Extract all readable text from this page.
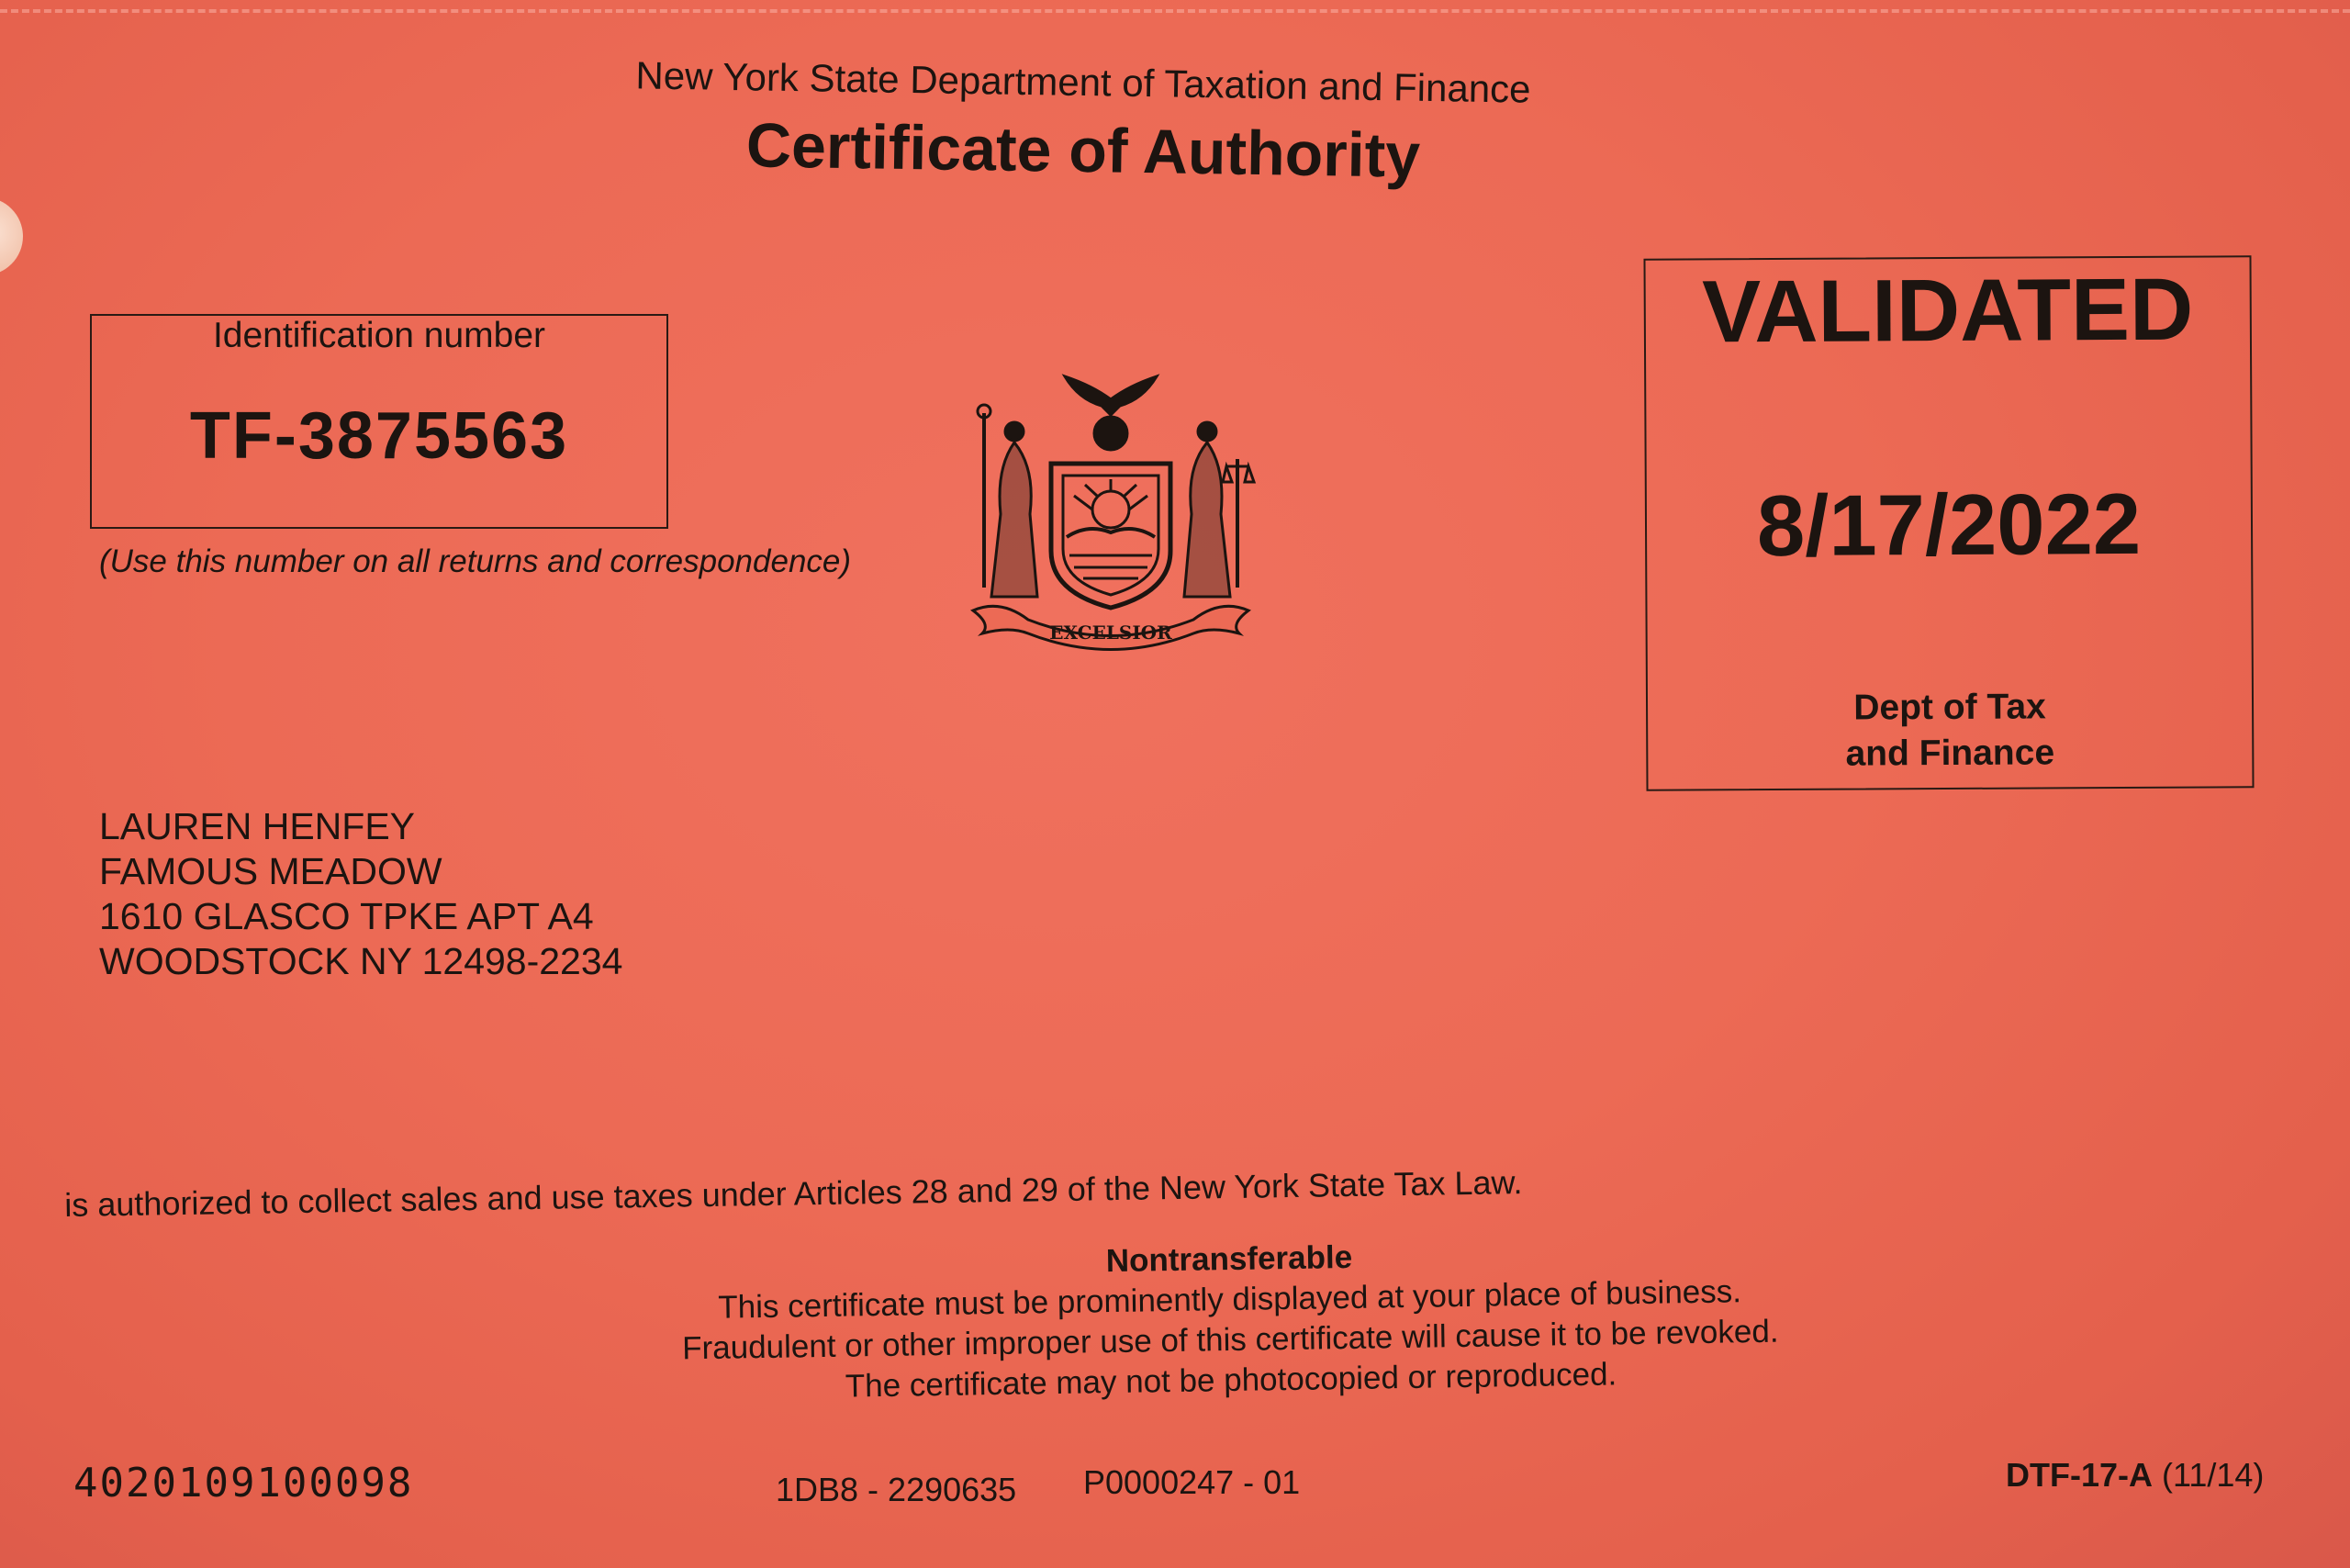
New York State Department of Taxation and Finance
Certificate of Authority
Identification number
TF-3875563
(Use this number on all returns and correspondence)
EXCELSIOR
VALIDATED
8/17/2022
Dept of Tax
and Finance
LAUREN HENFEY
FAMOUS MEADOW
1610 GLASCO TPKE APT A4
WOODSTOCK NY 12498-2234
is authorized to collect sales and use taxes under Articles 28 and 29 of the New York State Tax Law.
Nontransferable
This certificate must be prominently displayed at your place of business.
Fraudulent or other improper use of this certificate will cause it to be revoked.
The certificate may not be photocopied or reproduced.
4020109100098	1DB8 - 2290635 P0000247 - 01	DTF-17-A (11/14)
